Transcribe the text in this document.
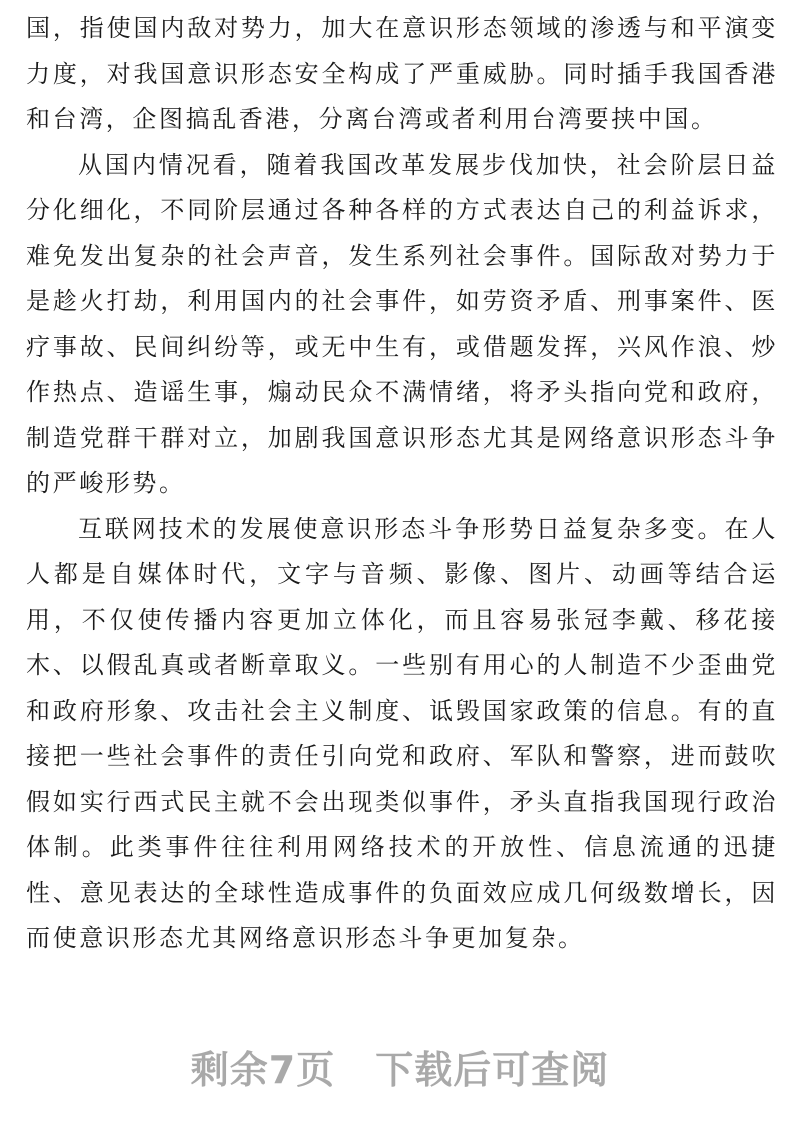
国，指使国内敌对势力，加大在意识形态领域的渗透与和平演变力度，对我国意识形态安全构成了严重威胁。同时插手我国香港和台湾，企图搞乱香港，分离台湾或者利用台湾要挟中国。

从国内情况看，随着我国改革发展步伐加快，社会阶层日益分化细化，不同阶层通过各种各样的方式表达自己的利益诉求，难免发出复杂的社会声音，发生系列社会事件。国际敌对势力于是趁火打劫，利用国内的社会事件，如劳资矛盾、刑事案件、医疗事故、民间纠纷等，或无中生有，或借题发挥，兴风作浪、炒作热点、造谣生事，煽动民众不满情绪，将矛头指向党和政府，制造党群干群对立，加剧我国意识形态尤其是网络意识形态斗争的严峻形势。

互联网技术的发展使意识形态斗争形势日益复杂多变。在人人都是自媒体时代，文字与音频、影像、图片、动画等结合运用，不仅使传播内容更加立体化，而且容易张冠李戴、移花接木、以假乱真或者断章取义。一些别有用心的人制造不少歪曲党和政府形象、攻击社会主义制度、诋毁国家政策的信息。有的直接把一些社会事件的责任引向党和政府、军队和警察，进而鼓吹假如实行西式民主就不会出现类似事件，矛头直指我国现行政治体制。此类事件往往利用网络技术的开放性、信息流通的迅捷性、意见表达的全球性造成事件的负面效应成几何级数增长，因而使意识形态尤其网络意识形态斗争更加复杂。

剩余7页 下载后可查阅
